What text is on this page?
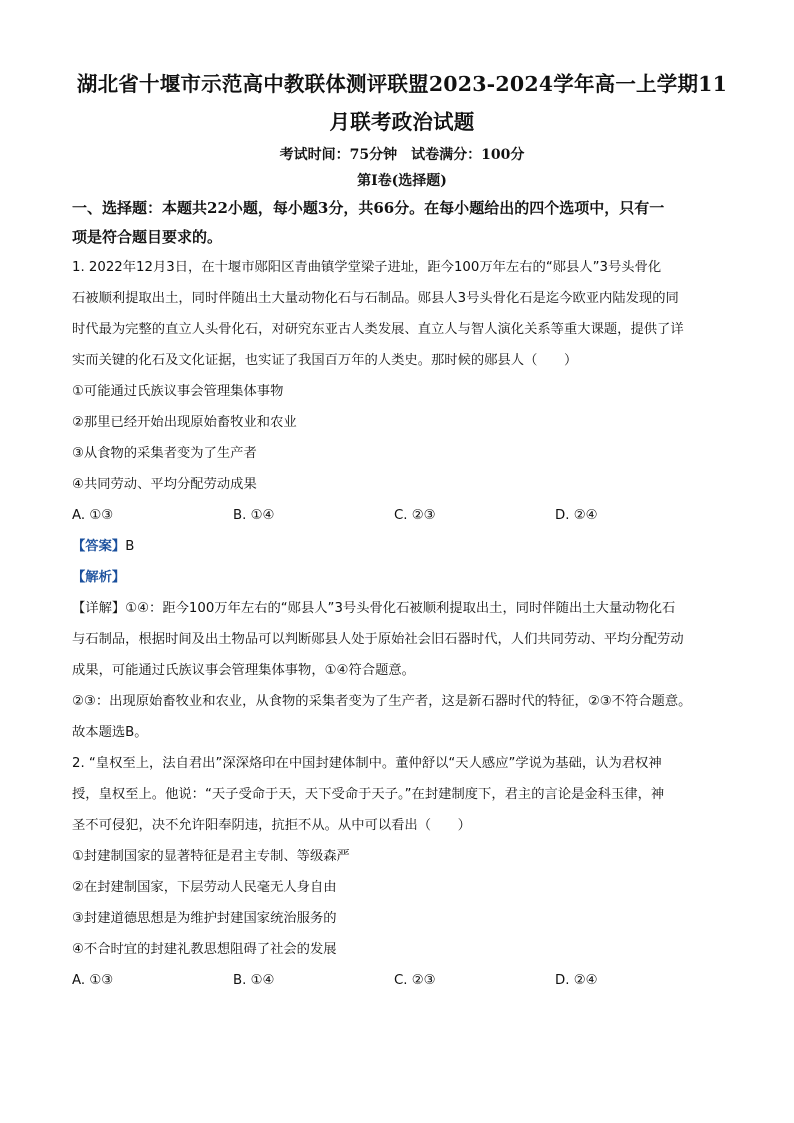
湖北省十堰市示范高中教联体测评联盟2023-2024学年高一上学期11
月联考政治试题
考试时间：75分钟 试卷满分：100分
第I卷(选择题)
一、选择题：本题共22小题，每小题3分，共66分。在每小题给出的四个选项中，只有一
项是符合题目要求的。
1. 2022年12月3日，在十堰市郧阳区青曲镇学堂梁子进址，距今100万年左右的“郧县人”3号头骨化
石被顺利提取出土，同时伴随出土大量动物化石与石制品。郧县人3号头骨化石是迄今欧亚内陆发现的同
时代最为完整的直立人头骨化石，对研究东亚古人类发展、直立人与智人演化关系等重大课题，提供了详
实而关键的化石及文化证据，也实证了我国百万年的人类史。那时候的郧县人（　　）
①可能通过氏族议事会管理集体事物
②那里已经开始出现原始畜牧业和农业
③从食物的采集者变为了生产者
④共同劳动、平均分配劳动成果
A. ①③	B. ①④	C. ②③	D. ②④
【答案】B
【解析】
【详解】①④：距今100万年左右的“郧县人”3号头骨化石被顺利提取出土，同时伴随出土大量动物化石
与石制品，根据时间及出土物品可以判断郧县人处于原始社会旧石器时代，人们共同劳动、平均分配劳动
成果，可能通过氏族议事会管理集体事物，①④符合题意。
②③：出现原始畜牧业和农业，从食物的采集者变为了生产者，这是新石器时代的特征，②③不符合题意。
故本题选B。
2. “皇权至上，法自君出”深深烙印在中国封建体制中。董仲舒以“天人感应”学说为基础，认为君权神
授，皇权至上。他说：“天子受命于天，天下受命于天子。”在封建制度下，君主的言论是金科玉律，神
圣不可侵犯，决不允许阳奉阴违，抗拒不从。从中可以看出（　　）
①封建制国家的显著特征是君主专制、等级森严
②在封建制国家，下层劳动人民毫无人身自由
③封建道德思想是为维护封建国家统治服务的
④不合时宜的封建礼教思想阻碍了社会的发展
A. ①③	B. ①④	C. ②③	D. ②④
